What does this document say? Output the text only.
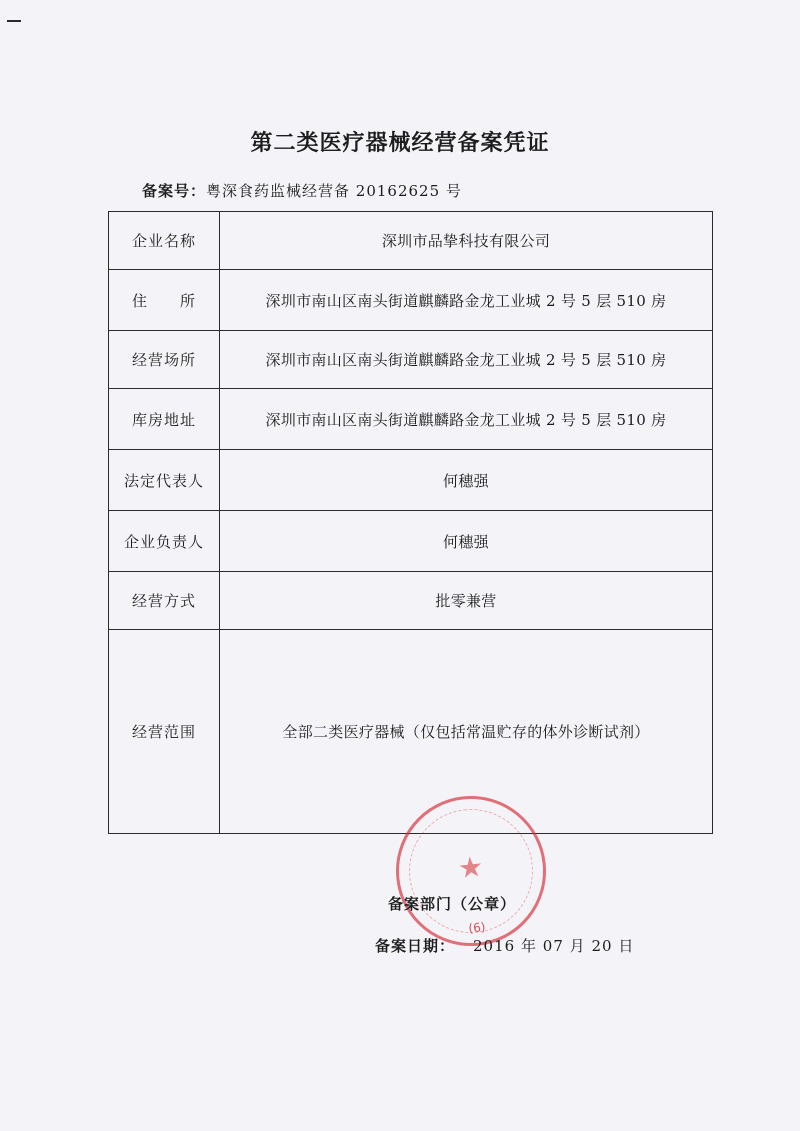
第二类医疗器械经营备案凭证
备案号：粤深食药监械经营备 20162625 号
企业名称	深圳市品挚科技有限公司
住　　所	深圳市南山区南头街道麒麟路金龙工业城 2 号 5 层 510 房
经营场所	深圳市南山区南头街道麒麟路金龙工业城 2 号 5 层 510 房
库房地址	深圳市南山区南头街道麒麟路金龙工业城 2 号 5 层 510 房
法定代表人	何穗强
企业负责人	何穗强
经营方式	批零兼营
经营范围	全部二类医疗器械（仅包括常温贮存的体外诊断试剂）
★
(6)
备案部门（公章）
备案日期： 2016 年 07 月 20 日
